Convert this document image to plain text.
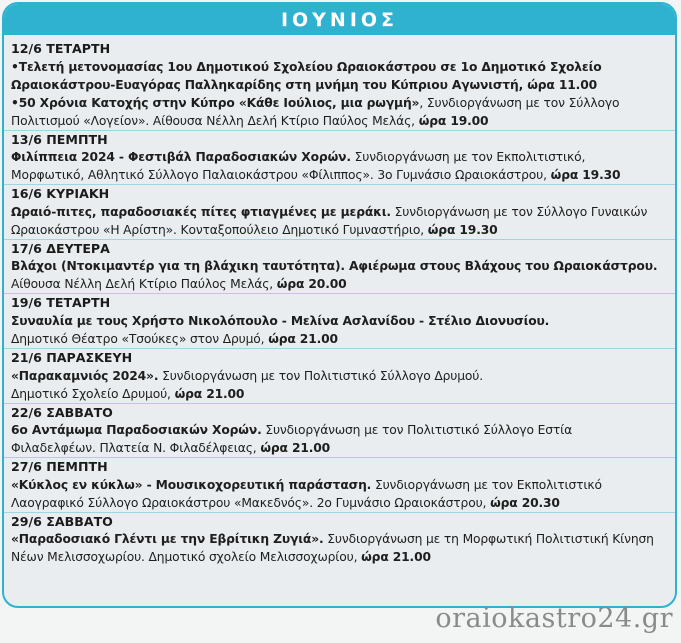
ΙΟΥΝΙΟΣ
12/6 ΤΕΤΑΡΤΗ
•Τελετή μετονομασίας 1ου Δημοτικού Σχολείου Ωραιοκάστρου σε 1ο Δημοτικό Σχολείο
Ωραιοκάστρου-Ευαγόρας Παλληκαρίδης στη μνήμη του Κύπριου Αγωνιστή, ώρα 11.00
•50 Χρόνια Κατοχής στην Κύπρο «Κάθε Ιούλιος, μια ρωγμή», Συνδιοργάνωση με τον Σύλλογο
Πολιτισμού «Λογείον». Αίθουσα Νέλλη Δελή Κτίριο Παύλος Μελάς, ώρα 19.00
13/6 ΠΕΜΠΤΗ
Φιλίππεια 2024 - Φεστιβάλ Παραδοσιακών Χορών. Συνδιοργάνωση με τον Εκπολιτιστικό,
Μορφωτικό, Αθλητικό Σύλλογο Παλαιοκάστρου «Φίλιππος». 3ο Γυμνάσιο Ωραιοκάστρου, ώρα 19.30
16/6 ΚΥΡΙΑΚΗ
Ωραιό-πιτες, παραδοσιακές πίτες φτιαγμένες με μεράκι. Συνδιοργάνωση με τον Σύλλογο Γυναικών
Ωραιοκάστρου «Η Αρίστη». Κονταξοπούλειο Δημοτικό Γυμναστήριο, ώρα 19.30
17/6 ΔΕΥΤΕΡΑ
Βλάχοι (Ντοκιμαντέρ για τη βλάχικη ταυτότητα). Αφιέρωμα στους Βλάχους του Ωραιοκάστρου.
Αίθουσα Νέλλη Δελή Κτίριο Παύλος Μελάς, ώρα 20.00
19/6 ΤΕΤΑΡΤΗ
Συναυλία με τους Χρήστο Νικολόπουλο - Μελίνα Ασλανίδου - Στέλιο Διονυσίου.
Δημοτικό Θέατρο «Τσούκες» στον Δρυμό, ώρα 21.00
21/6 ΠΑΡΑΣΚΕΥΗ
«Παρακαμνιός 2024». Συνδιοργάνωση με τον Πολιτιστικό Σύλλογο Δρυμού.
Δημοτικό Σχολείο Δρυμού, ώρα 21.00
22/6 ΣΑΒΒΑΤΟ
6ο Αντάμωμα Παραδοσιακών Χορών. Συνδιοργάνωση με τον Πολιτιστικό Σύλλογο Εστία
Φιλαδελφέων. Πλατεία Ν. Φιλαδέλφειας, ώρα 21.00
27/6 ΠΕΜΠΤΗ
«Κύκλος εν κύκλω» - Μουσικοχορευτική παράσταση. Συνδιοργάνωση με τον Εκπολιτιστικό
Λαογραφικό Σύλλογο Ωραιοκάστρου «Μακεδνός». 2ο Γυμνάσιο Ωραιοκάστρου, ώρα 20.30
29/6 ΣΑΒΒΑΤΟ
«Παραδοσιακό Γλέντι με την Εβρίτικη Ζυγιά». Συνδιοργάνωση με τη Μορφωτική Πολιτιστική Κίνηση
Νέων Μελισσοχωρίου. Δημοτικό σχολείο Μελισσοχωρίου, ώρα 21.00
oraiokastro24.gr
